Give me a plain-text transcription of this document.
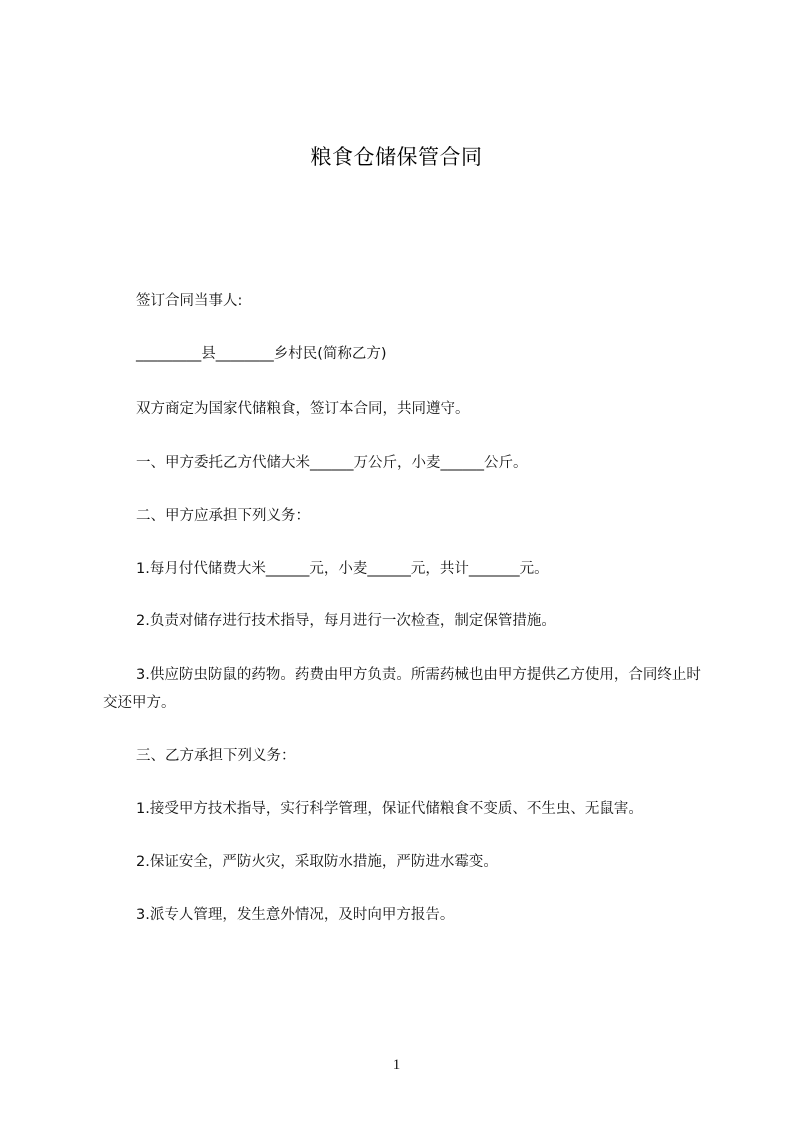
粮食仓储保管合同
签订合同当事人:
_________县________乡村民(简称乙方)
双方商定为国家代储粮食，签订本合同，共同遵守。
一、甲方委托乙方代储大米______万公斤，小麦______公斤。
二、甲方应承担下列义务：
1.每月付代储费大米______元，小麦______元，共计_______元。
2.负责对储存进行技术指导，每月进行一次检查，制定保管措施。
3.供应防虫防鼠的药物。药费由甲方负责。所需药械也由甲方提供乙方使用，合同终止时交还甲方。
三、乙方承担下列义务：
1.接受甲方技术指导，实行科学管理，保证代储粮食不变质、不生虫、无鼠害。
2.保证安全，严防火灾，采取防水措施，严防进水霉变。
3.派专人管理，发生意外情况，及时向甲方报告。
1
